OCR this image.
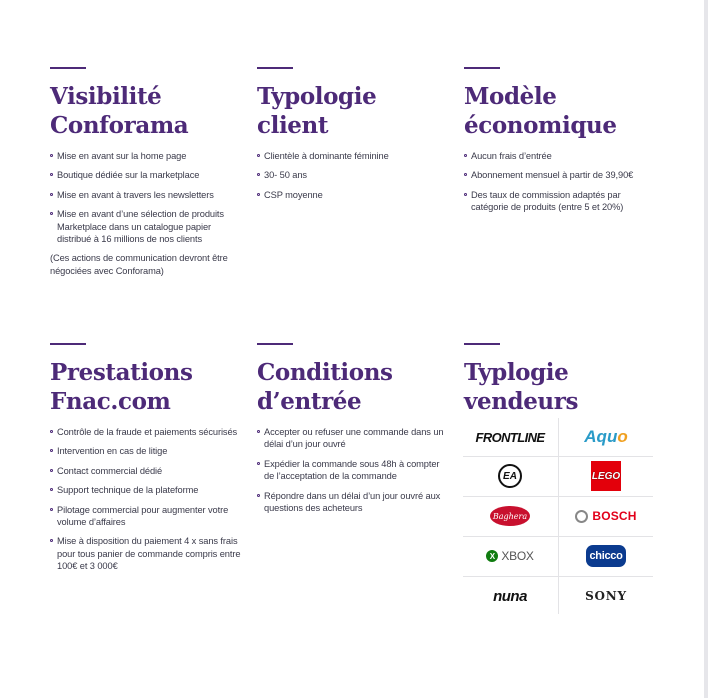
Visibilité Conforama
Mise en avant sur la home page
Boutique dédiée sur la marketplace
Mise en avant à travers les newsletters
Mise en avant d’une sélection de produits Marketplace dans un catalogue papier distribué à 16 millions de nos clients
(Ces actions de communication devront être négociées avec Conforama)
Typologie client
Clientèle à dominante féminine
30- 50 ans
CSP moyenne
Modèle économique
Aucun frais d’entrée
Abonnement mensuel à partir de 39,90€
Des taux de commission adaptés par catégorie de produits (entre 5 et 20%)
Prestations Fnac.com
Contrôle de la fraude et paiements sécurisés
Intervention en cas de litige
Contact commercial dédié
Support technique de la plateforme
Pilotage commercial pour augmenter votre volume d’affaires
Mise à disposition du paiement 4 x sans frais pour tous panier de commande compris entre 100€ et 3 000€
Conditions d’entrée
Accepter ou refuser une commande dans un délai d’un jour ouvré
Expédier la commande sous 48h à compter de l’acceptation de la commande
Répondre dans un délai d’un jour ouvré aux questions des acheteurs
Typlogie vendeurs
FRONTLINE Aquo
EA	LEGO
Baghera	BOSCH
X XBOX	chicco
nuna	SONY
